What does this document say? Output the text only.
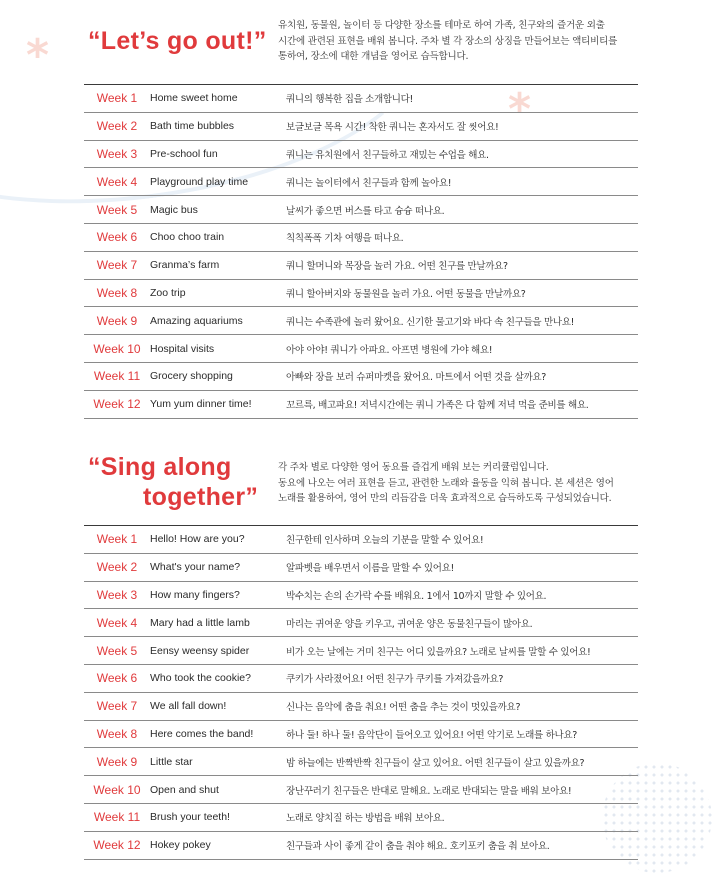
*
*
“Let’s go out!”
유치원, 동물원, 놀이터 등 다양한 장소를 테마로 하여 가족, 친구와의 즐거운 외출
시간에 관련된 표현을 배워 봅니다. 주차 별 각 장소의 상징을 만들어보는 액티비티를
통하여, 장소에 대한 개념을 영어로 습득합니다.
Week 1	Home sweet home	쿼니의 행복한 집을 소개합니다!
Week 2	Bath time bubbles	보글보글 목욕 시간! 착한 쿼니는 혼자서도 잘 씻어요!
Week 3	Pre-school fun	쿼니는 유치원에서 친구들하고 재밌는 수업을 해요.
Week 4	Playground play time	쿼니는 놀이터에서 친구들과 함께 놀아요!
Week 5	Magic bus	날씨가 좋으면 버스를 타고 슝슝 떠나요.
Week 6	Choo choo train	칙칙폭폭 기차 여행을 떠나요.
Week 7	Granma’s farm	쿼니 할머니와 목장을 놀러 가요. 어떤 친구를 만날까요?
Week 8	Zoo trip	쿼니 할아버지와 동물원을 놀러 가요. 어떤 동물을 만날까요?
Week 9	Amazing aquariums	쿼니는 수족관에 놀러 왔어요. 신기한 물고기와 바다 속 친구들을 만나요!
Week 10 Hospital visits	아야 아야! 쿼니가 아파요. 아프면 병원에 가야 해요!
Week 11 Grocery shopping	아빠와 장을 보러 슈퍼마켓을 왔어요. 마트에서 어떤 것을 살까요?
Week 12 Yum yum dinner time!	꼬르륵, 배고파요! 저녁시간에는 쿼니 가족은 다 함께 저녁 먹을 준비를 해요.
“Sing along
together”
각 주차 별로 다양한 영어 동요를 즐겁게 배워 보는 커리큘럼입니다.
동요에 나오는 여러 표현을 듣고, 관련한 노래와 율동을 익혀 봅니다. 본 세션은 영어
노래를 활용하여, 영어 만의 리듬감을 더욱 효과적으로 습득하도록 구성되었습니다.
Week 1	Hello! How are you?	친구한테 인사하며 오늘의 기분을 말할 수 있어요!
Week 2	What's your name?	알파벳을 배우면서 이름을 말할 수 있어요!
Week 3	How many fingers?	박수치는 손의 손가락 수를 배워요. 1에서 10까지 말할 수 있어요.
Week 4	Mary had a little lamb	마리는 귀여운 양을 키우고, 귀여운 양은 동물친구들이 많아요.
Week 5	Eensy weensy spider	비가 오는 날에는 거미 친구는 어디 있을까요? 노래로 날씨를 말할 수 있어요!
Week 6	Who took the cookie?	쿠키가 사라졌어요! 어떤 친구가 쿠키를 가져갔을까요?
Week 7	We all fall down!	신나는 음악에 춤을 춰요! 어떤 춤을 추는 것이 멋있을까요?
Week 8	Here comes the band!	하나 둘! 하나 둘! 음악단이 들어오고 있어요! 어떤 악기로 노래를 하나요?
Week 9	Little star	밤 하늘에는 반짝반짝 친구들이 살고 있어요. 어떤 친구들이 살고 있을까요?
Week 10 Open and shut	장난꾸러기 친구들은 반대로 말해요. 노래로 반대되는 말을 배워 보아요!
Week 11 Brush your teeth!	노래로 양치질 하는 방법을 배워 보아요.
Week 12 Hokey pokey	친구들과 사이 좋게 같이 춤을 춰야 해요. 호키포키 춤을 춰 보아요.
